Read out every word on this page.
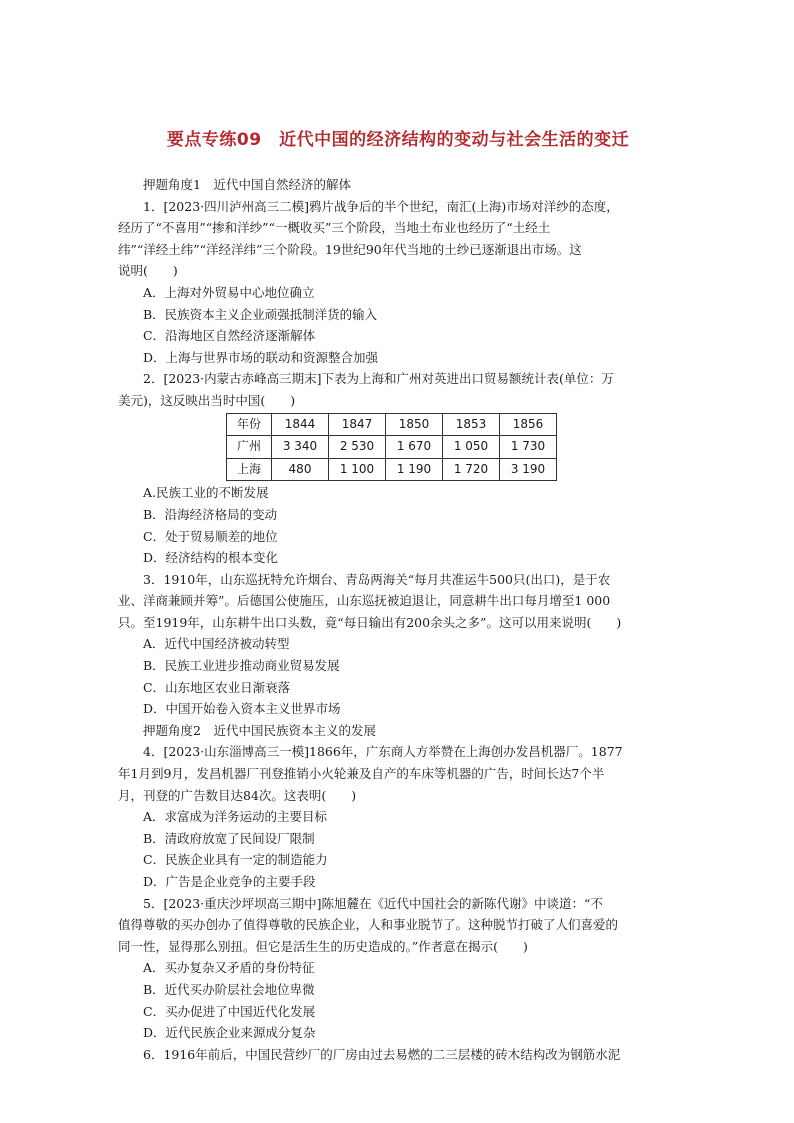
要点专练09　近代中国的经济结构的变动与社会生活的变迁
押题角度1　近代中国自然经济的解体
1．[2023·四川泸州高三二模]鸦片战争后的半个世纪，南汇(上海)市场对洋纱的态度，
经历了“不喜用”“掺和洋纱”“一概收买”三个阶段，当地土布业也经历了“土经土
纬”“洋经土纬”“洋经洋纬”三个阶段。19世纪90年代当地的土纱已逐渐退出市场。这
说明(　　)
A．上海对外贸易中心地位确立
B．民族资本主义企业顽强抵制洋货的输入
C．沿海地区自然经济逐渐解体
D．上海与世界市场的联动和资源整合加强
2．[2023·内蒙古赤峰高三期末]下表为上海和广州对英进出口贸易额统计表(单位：万
美元)，这反映出当时中国(　　)
年份	1844	1847	1850	1853	1856
广州	3 340	2 530	1 670	1 050	1 730
上海	480	1 100	1 190	1 720	3 190
A.民族工业的不断发展
B．沿海经济格局的变动
C．处于贸易顺差的地位
D．经济结构的根本变化
3．1910年，山东巡抚特允许烟台、青岛两海关“每月共准运牛500只(出口)，是于农
业、洋商兼顾并筹”。后德国公使施压，山东巡抚被迫退让，同意耕牛出口每月增至1 000
只。至1919年，山东耕牛出口头数，竟“每日输出有200余头之多”。这可以用来说明(　　)
A．近代中国经济被动转型
B．民族工业进步推动商业贸易发展
C．山东地区农业日渐衰落
D．中国开始卷入资本主义世界市场
押题角度2　近代中国民族资本主义的发展
4．[2023·山东淄博高三一模]1866年，广东商人方举赞在上海创办发昌机器厂。1877
年1月到9月，发昌机器厂刊登推销小火轮兼及自产的车床等机器的广告，时间长达7个半
月，刊登的广告数目达84次。这表明(　　)
A．求富成为洋务运动的主要目标
B．清政府放宽了民间设厂限制
C．民族企业具有一定的制造能力
D．广告是企业竞争的主要手段
5．[2023·重庆沙坪坝高三期中]陈旭麓在《近代中国社会的新陈代谢》中谈道：“不
值得尊敬的买办创办了值得尊敬的民族企业，人和事业脱节了。这种脱节打破了人们喜爱的
同一性，显得那么别扭。但它是活生生的历史造成的。”作者意在揭示(　　)
A．买办复杂又矛盾的身份特征
B．近代买办阶层社会地位卑微
C．买办促进了中国近代化发展
D．近代民族企业来源成分复杂
6．1916年前后，中国民营纱厂的厂房由过去易燃的二三层楼的砖木结构改为钢筋水泥
